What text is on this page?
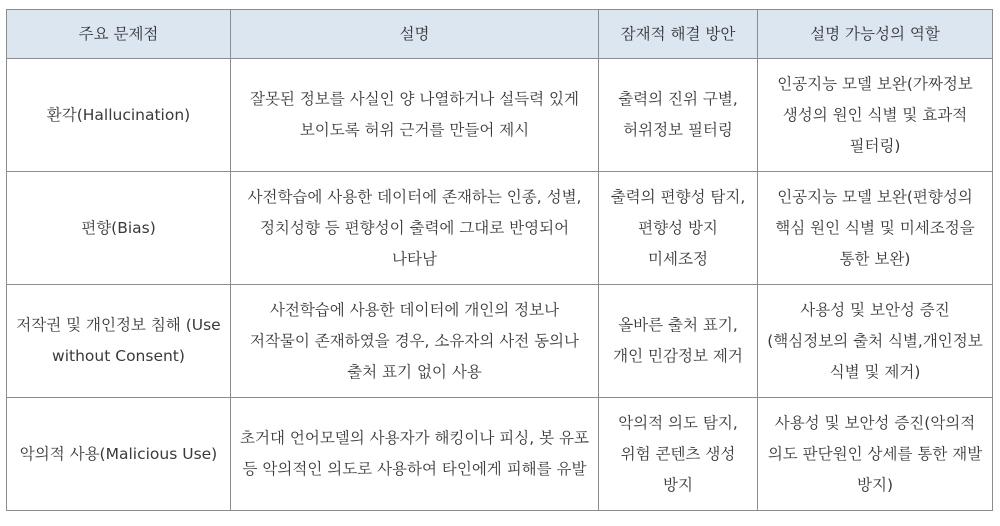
주요 문제점	설명	잠재적 해결 방안	설명 가능성의 역할
환각(Hallucination)	잘못된 정보를 사실인 양 나열하거나 설득력 있게 보이도록 허위 근거를 만들어 제시	출력의 진위 구별, 허위정보 필터링	인공지능 모델 보완(가짜정보 생성의 원인 식별 및 효과적 필터링)
편향(Bias)	사전학습에 사용한 데이터에 존재하는 인종, 성별, 정치성향 등 편향성이 출력에 그대로 반영되어 나타남	출력의 편향성 탐지, 편향성 방지 미세조정	인공지능 모델 보완(편향성의 핵심 원인 식별 및 미세조정을 통한 보완)
저작권 및 개인정보 침해 (Use without Consent)	사전학습에 사용한 데이터에 개인의 정보나 저작물이 존재하였을 경우, 소유자의 사전 동의나 출처 표기 없이 사용	올바른 출처 표기, 개인 민감정보 제거	사용성 및 보안성 증진(핵심정보의 출처 식별,개인정보 식별 및 제거)
악의적 사용(Malicious Use)	초거대 언어모델의 사용자가 해킹이나 피싱, 봇 유포 등 악의적인 의도로 사용하여 타인에게 피해를 유발	악의적 의도 탐지, 위험 콘텐츠 생성 방지	사용성 및 보안성 증진(악의적 의도 판단원인 상세를 통한 재발 방지)
